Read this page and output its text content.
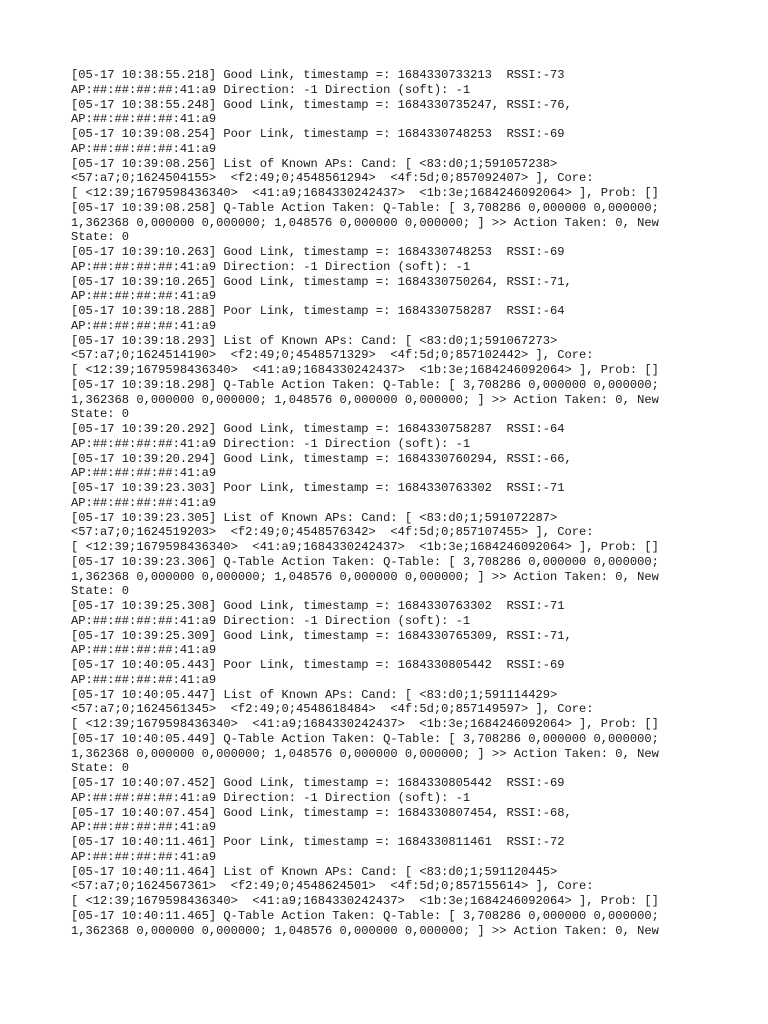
[05-17 10:38:55.218] Good Link, timestamp =: 1684330733213  RSSI:-73
AP:##:##:##:##:41:a9 Direction: -1 Direction (soft): -1
[05-17 10:38:55.248] Good Link, timestamp =: 1684330735247, RSSI:-76,
AP:##:##:##:##:41:a9
[05-17 10:39:08.254] Poor Link, timestamp =: 1684330748253  RSSI:-69
AP:##:##:##:##:41:a9
[05-17 10:39:08.256] List of Known APs: Cand: [ <83:d0;1;591057238>
<57:a7;0;1624504155>  <f2:49;0;4548561294>  <4f:5d;0;857092407> ], Core:
[ <12:39;1679598436340>  <41:a9;1684330242437>  <1b:3e;1684246092064> ], Prob: []
[05-17 10:39:08.258] Q-Table Action Taken: Q-Table: [ 3,708286 0,000000 0,000000;
1,362368 0,000000 0,000000; 1,048576 0,000000 0,000000; ] >> Action Taken: 0, New
State: 0
[05-17 10:39:10.263] Good Link, timestamp =: 1684330748253  RSSI:-69
AP:##:##:##:##:41:a9 Direction: -1 Direction (soft): -1
[05-17 10:39:10.265] Good Link, timestamp =: 1684330750264, RSSI:-71,
AP:##:##:##:##:41:a9
[05-17 10:39:18.288] Poor Link, timestamp =: 1684330758287  RSSI:-64
AP:##:##:##:##:41:a9
[05-17 10:39:18.293] List of Known APs: Cand: [ <83:d0;1;591067273>
<57:a7;0;1624514190>  <f2:49;0;4548571329>  <4f:5d;0;857102442> ], Core:
[ <12:39;1679598436340>  <41:a9;1684330242437>  <1b:3e;1684246092064> ], Prob: []
[05-17 10:39:18.298] Q-Table Action Taken: Q-Table: [ 3,708286 0,000000 0,000000;
1,362368 0,000000 0,000000; 1,048576 0,000000 0,000000; ] >> Action Taken: 0, New
State: 0
[05-17 10:39:20.292] Good Link, timestamp =: 1684330758287  RSSI:-64
AP:##:##:##:##:41:a9 Direction: -1 Direction (soft): -1
[05-17 10:39:20.294] Good Link, timestamp =: 1684330760294, RSSI:-66,
AP:##:##:##:##:41:a9
[05-17 10:39:23.303] Poor Link, timestamp =: 1684330763302  RSSI:-71
AP:##:##:##:##:41:a9
[05-17 10:39:23.305] List of Known APs: Cand: [ <83:d0;1;591072287>
<57:a7;0;1624519203>  <f2:49;0;4548576342>  <4f:5d;0;857107455> ], Core:
[ <12:39;1679598436340>  <41:a9;1684330242437>  <1b:3e;1684246092064> ], Prob: []
[05-17 10:39:23.306] Q-Table Action Taken: Q-Table: [ 3,708286 0,000000 0,000000;
1,362368 0,000000 0,000000; 1,048576 0,000000 0,000000; ] >> Action Taken: 0, New
State: 0
[05-17 10:39:25.308] Good Link, timestamp =: 1684330763302  RSSI:-71
AP:##:##:##:##:41:a9 Direction: -1 Direction (soft): -1
[05-17 10:39:25.309] Good Link, timestamp =: 1684330765309, RSSI:-71,
AP:##:##:##:##:41:a9
[05-17 10:40:05.443] Poor Link, timestamp =: 1684330805442  RSSI:-69
AP:##:##:##:##:41:a9
[05-17 10:40:05.447] List of Known APs: Cand: [ <83:d0;1;591114429>
<57:a7;0;1624561345>  <f2:49;0;4548618484>  <4f:5d;0;857149597> ], Core:
[ <12:39;1679598436340>  <41:a9;1684330242437>  <1b:3e;1684246092064> ], Prob: []
[05-17 10:40:05.449] Q-Table Action Taken: Q-Table: [ 3,708286 0,000000 0,000000;
1,362368 0,000000 0,000000; 1,048576 0,000000 0,000000; ] >> Action Taken: 0, New
State: 0
[05-17 10:40:07.452] Good Link, timestamp =: 1684330805442  RSSI:-69
AP:##:##:##:##:41:a9 Direction: -1 Direction (soft): -1
[05-17 10:40:07.454] Good Link, timestamp =: 1684330807454, RSSI:-68,
AP:##:##:##:##:41:a9
[05-17 10:40:11.461] Poor Link, timestamp =: 1684330811461  RSSI:-72
AP:##:##:##:##:41:a9
[05-17 10:40:11.464] List of Known APs: Cand: [ <83:d0;1;591120445>
<57:a7;0;1624567361>  <f2:49;0;4548624501>  <4f:5d;0;857155614> ], Core:
[ <12:39;1679598436340>  <41:a9;1684330242437>  <1b:3e;1684246092064> ], Prob: []
[05-17 10:40:11.465] Q-Table Action Taken: Q-Table: [ 3,708286 0,000000 0,000000;
1,362368 0,000000 0,000000; 1,048576 0,000000 0,000000; ] >> Action Taken: 0, New
